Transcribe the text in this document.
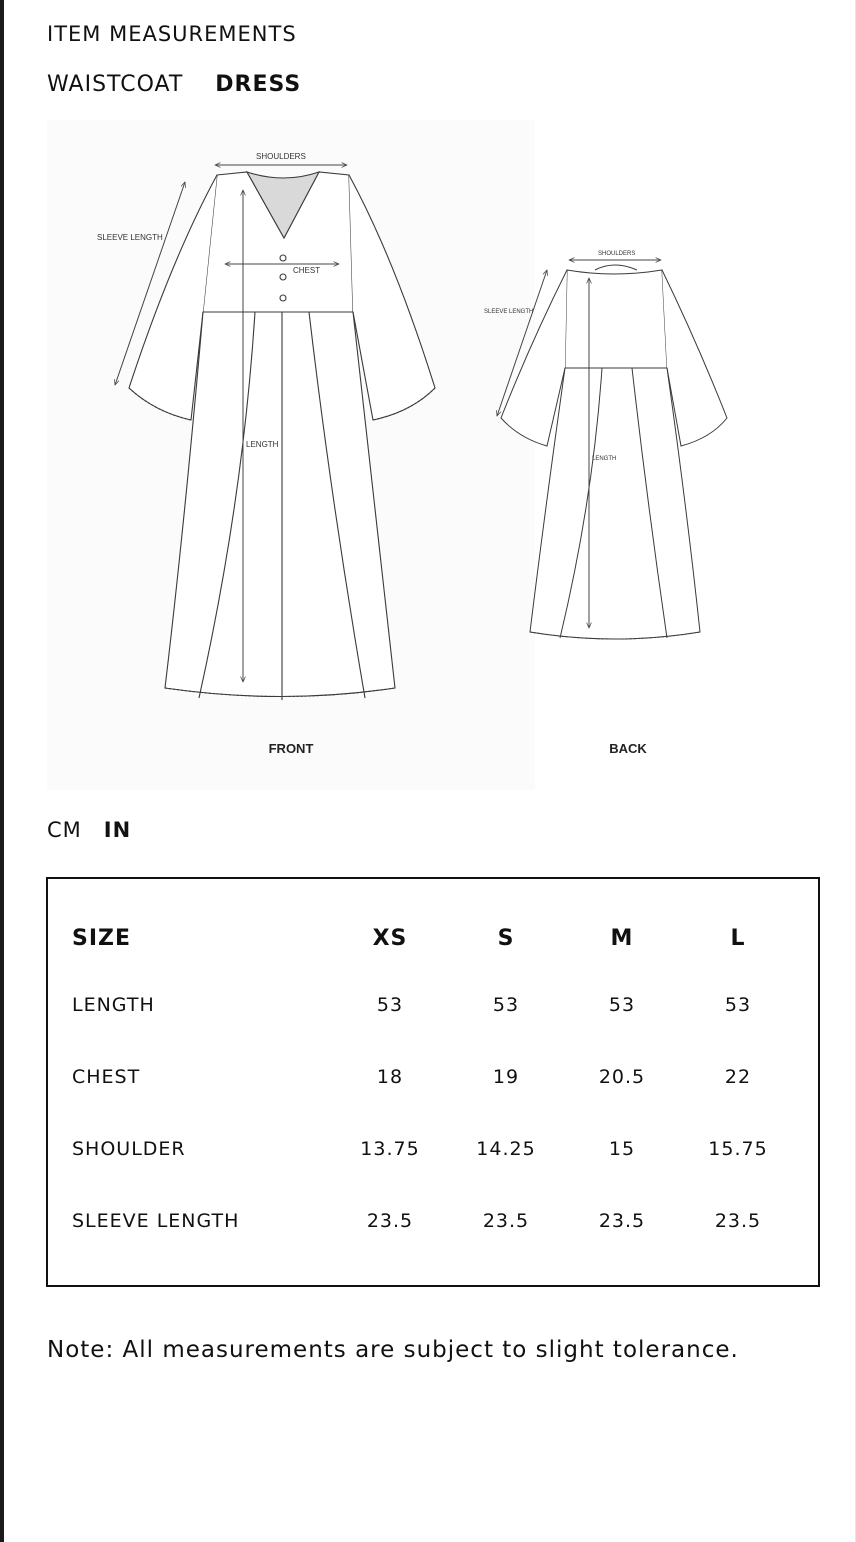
ITEM MEASUREMENTS
WAISTCOAT DRESS
SHOULDERS
SLEEVE LENGTH
CHEST
LENGTH
SHOULDERS
SLEEVE LENGTH
LENGTH
FRONT	BACK
CM IN
SIZE	XS	S	M	L
LENGTH	53	53	53	53
CHEST	18	19	20.5	22
SHOULDER	13.75	14.25	15	15.75
SLEEVE LENGTH	23.5	23.5	23.5	23.5

Note: All measurements are subject to slight tolerance.
